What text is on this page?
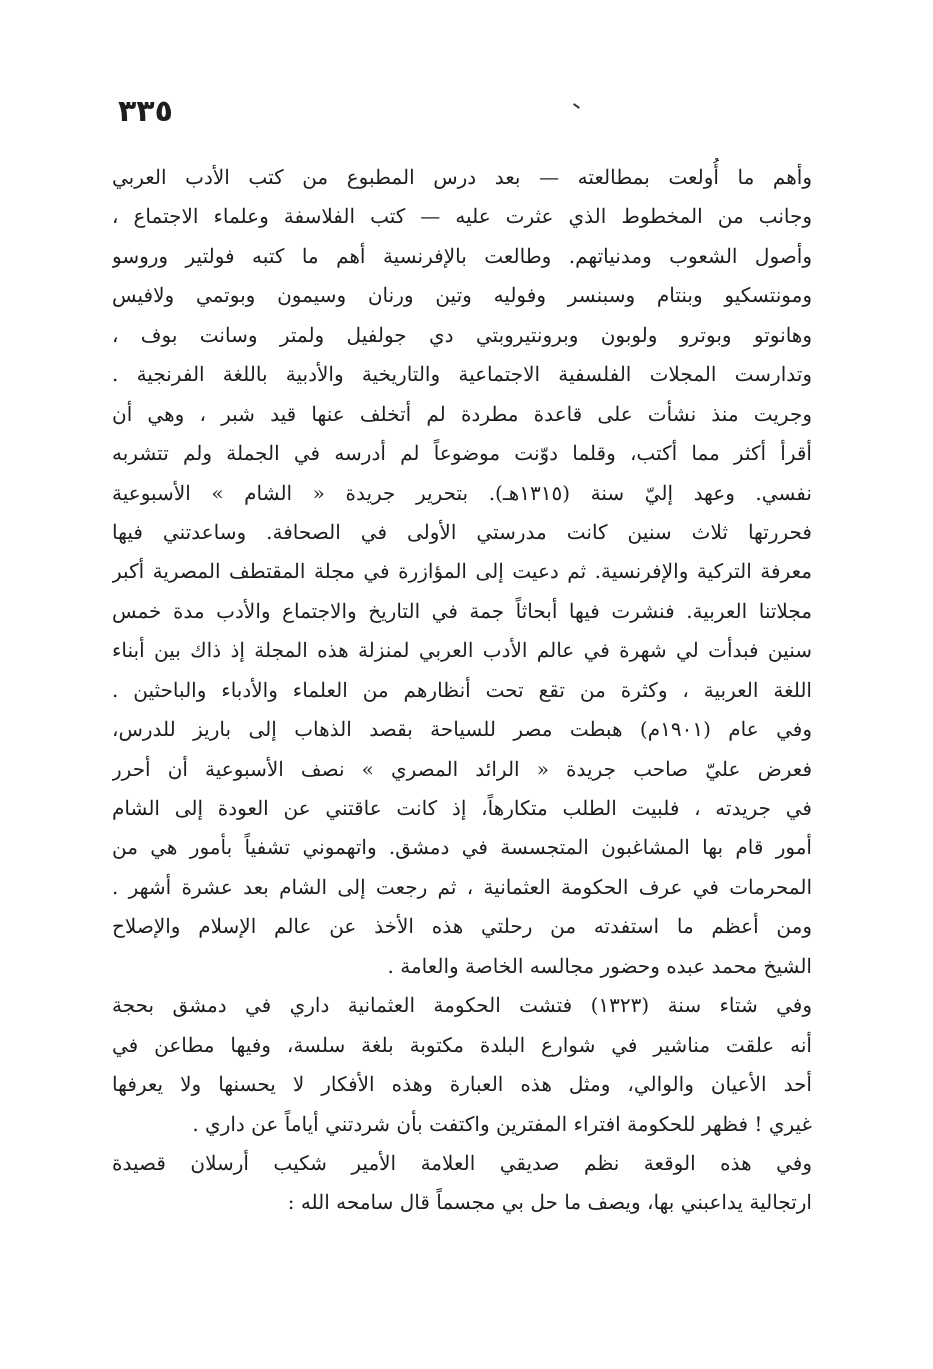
٣٣٥

وأهم ما أُولعت بمطالعته — بعد درس المطبوع من كتب الأدب العربي
وجانب من المخطوط الذي عثرت عليه — كتب الفلاسفة وعلماء الاجتماع ،
وأصول الشعوب ومدنياتهم. وطالعت بالإفرنسية أهم ما كتبه فولتير وروسو
ومونتسكيو وبنتام وسبنسر وفوليه وتين ورنان وسيمون وبوتمي ولافيس
وهانوتو وبوترو ولوبون وبرونتيروبتي دي جولفيل ولمتر وسانت بوف ،
وتدارست المجلات الفلسفية الاجتماعية والتاريخية والأدبية باللغة الفرنجية .
وجريت منذ نشأت على قاعدة مطردة لم أتخلف عنها قيد شبر ، وهي أن
أقرأ أكثر مما أكتب، وقلما دوّنت موضوعاً لم أدرسه في الجملة ولم تتشربه
نفسي. وعهد إليّ سنة (١٣١٥هـ). بتحرير جريدة « الشام » الأسبوعية
فحررتها ثلاث سنين كانت مدرستي الأولى في الصحافة. وساعدتني فيها
معرفة التركية والإفرنسية. ثم دعيت إلى المؤازرة في مجلة المقتطف المصرية أكبر
مجلاتنا العربية. فنشرت فيها أبحاثاً جمة في التاريخ والاجتماع والأدب مدة خمس
سنين فبدأت لي شهرة في عالم الأدب العربي لمنزلة هذه المجلة إذ ذاك بين أبناء
اللغة العربية ، وكثرة من تقع تحت أنظارهم من العلماء والأدباء والباحثين .
وفي عام (١٩٠١م) هبطت مصر للسياحة بقصد الذهاب إلى باريز للدرس،
فعرض عليّ صاحب جريدة « الرائد المصري » نصف الأسبوعية أن أحرر
في جريدته ، فلبيت الطلب متكارهاً، إذ كانت عاقتني عن العودة إلى الشام
أمور قام بها المشاغبون المتجسسة في دمشق. واتهموني تشفياً بأمور هي من
المحرمات في عرف الحكومة العثمانية ، ثم رجعت إلى الشام بعد عشرة أشهر .
ومن أعظم ما استفدته من رحلتي هذه الأخذ عن عالم الإسلام والإصلاح
الشيخ محمد عبده وحضور مجالسه الخاصة والعامة .

وفي شتاء سنة (١٣٢٣) فتشت الحكومة العثمانية داري في دمشق بحجة
أنه علقت مناشير في شوارع البلدة مكتوبة بلغة سلسة، وفيها مطاعن في
أحد الأعيان والوالي، ومثل هذه العبارة وهذه الأفكار لا يحسنها ولا يعرفها
غيري ! فظهر للحكومة افتراء المفترين واكتفت بأن شردتني أياماً عن داري .

وفي هذه الوقعة نظم صديقي العلامة الأمير شكيب أرسلان قصيدة
ارتجالية يداعبني بها، ويصف ما حل بي مجسماً قال سامحه الله :
